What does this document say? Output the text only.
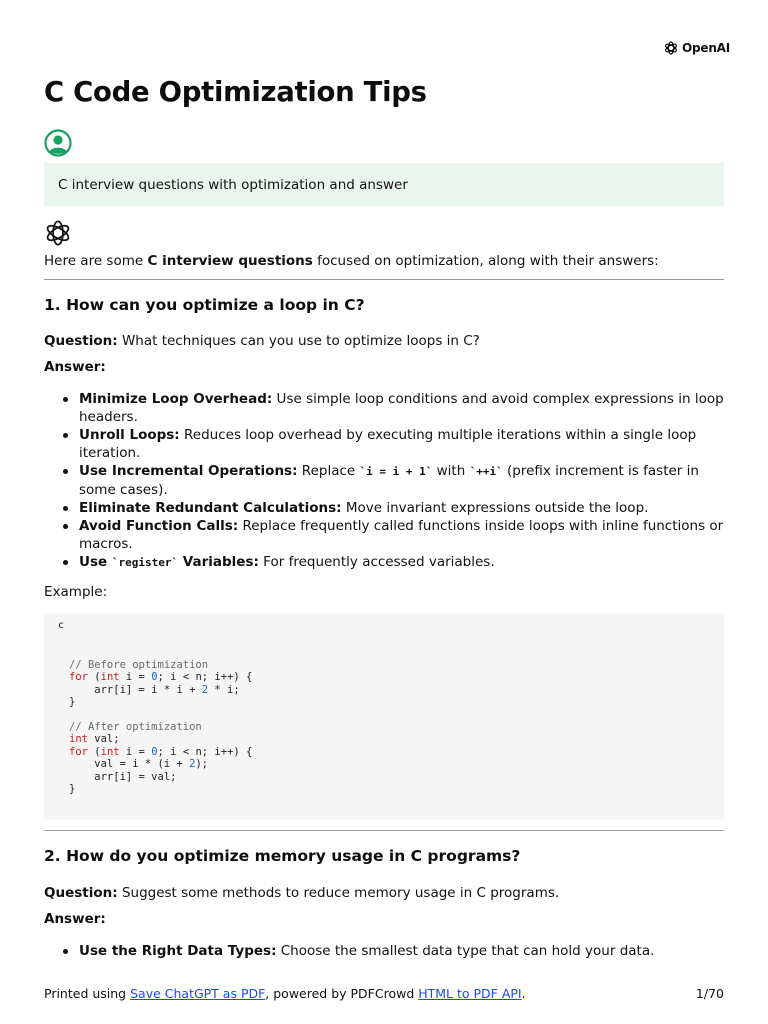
OpenAI
C Code Optimization Tips
C interview questions with optimization and answer
Here are some C interview questions focused on optimization, along with their answers:
1. How can you optimize a loop in C?
Question: What techniques can you use to optimize loops in C?
Answer:
Minimize Loop Overhead: Use simple loop conditions and avoid complex expressions in loop headers.
Unroll Loops: Reduces loop overhead by executing multiple iterations within a single loop iteration.
Use Incremental Operations: Replace `i = i + 1` with `++i` (prefix increment is faster in some cases).
Eliminate Redundant Calculations: Move invariant expressions outside the loop.
Avoid Function Calls: Replace frequently called functions inside loops with inline functions or macros.
Use `register` Variables: For frequently accessed variables.
Example:
c
// Before optimization
for (int i = 0; i < n; i++) {
arr[i] = i * i + 2 * i;
}

// After optimization
int val;
for (int i = 0; i < n; i++) {
val = i * (i + 2);
arr[i] = val;
}
2. How do you optimize memory usage in C programs?
Question: Suggest some methods to reduce memory usage in C programs.
Answer:
Use the Right Data Types: Choose the smallest data type that can hold your data.
Printed using Save ChatGPT as PDF, powered by PDFCrowd HTML to PDF API.	1/70
